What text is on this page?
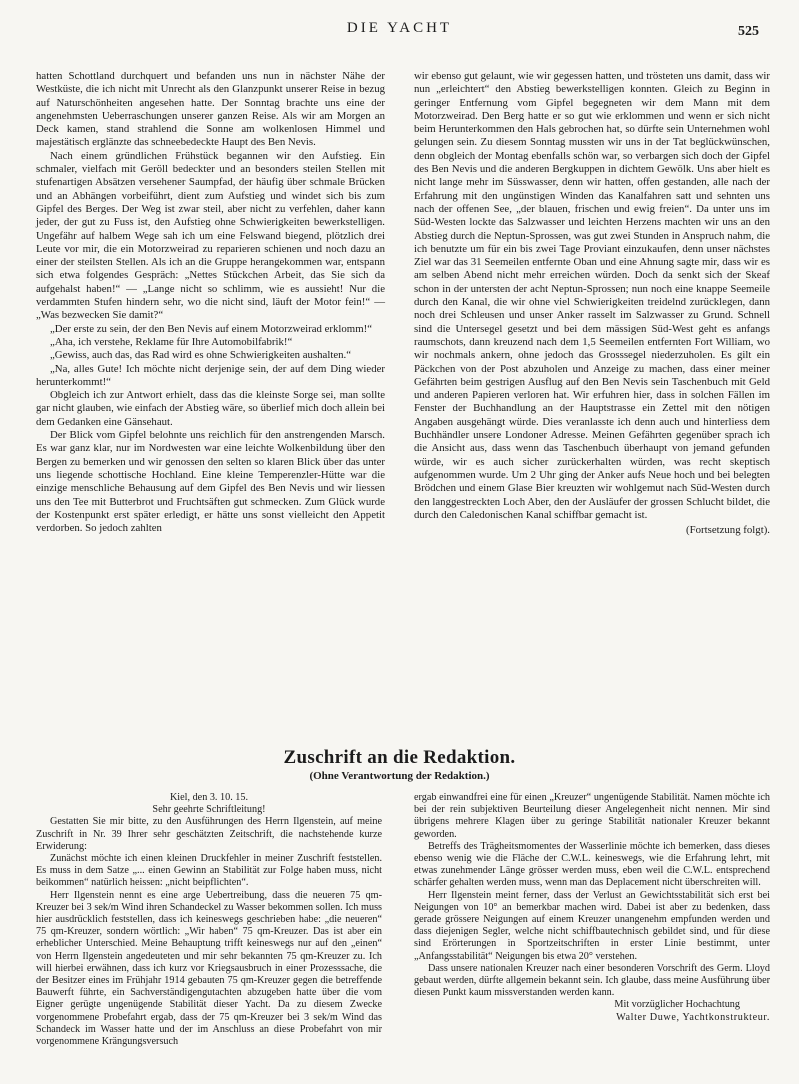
DIE YACHT	525

hatten Schottland durchquert und befanden uns nun in nächster Nähe der Westküste, die ich nicht mit Unrecht als den Glanzpunkt unserer Reise in bezug auf Naturschönheiten angesehen hatte. Der Sonntag brachte uns eine der angenehmsten Ueberraschungen unserer ganzen Reise. Als wir am Morgen an Deck kamen, stand strahlend die Sonne am wolkenlosen Himmel und majestätisch erglänzte das schneebedeckte Haupt des Ben Nevis.

Nach einem gründlichen Frühstück begannen wir den Aufstieg. Ein schmaler, vielfach mit Geröll bedeckter und an besonders steilen Stellen mit stufenartigen Absätzen versehener Saumpfad, der häufig über schmale Brücken und an Abhängen vorbeiführt, dient zum Aufstieg und windet sich bis zum Gipfel des Berges. Der Weg ist zwar steil, aber nicht zu verfehlen, daher kann jeder, der gut zu Fuss ist, den Aufstieg ohne Schwierigkeiten bewerkstelligen. Ungefähr auf halbem Wege sah ich um eine Felswand biegend, plötzlich drei Leute vor mir, die ein Motorzweirad zu reparieren schienen und noch dazu an einer der steilsten Stellen. Als ich an die Gruppe herangekommen war, entspann sich etwa folgendes Gespräch: „Nettes Stückchen Arbeit, das Sie sich da aufgehalst haben!“ — „Lange nicht so schlimm, wie es aussieht! Nur die verdammten Stufen hindern sehr, wo die nicht sind, läuft der Motor fein!“ — „Was bezwecken Sie damit?“

„Der erste zu sein, der den Ben Nevis auf einem Motorzweirad erklomm!“

„Aha, ich verstehe, Reklame für Ihre Automobilfabrik!“

„Gewiss, auch das, das Rad wird es ohne Schwierigkeiten aushalten.“

„Na, alles Gute! Ich möchte nicht derjenige sein, der auf dem Ding wieder herunterkommt!“

Obgleich ich zur Antwort erhielt, dass das die kleinste Sorge sei, man sollte gar nicht glauben, wie einfach der Abstieg wäre, so überlief mich doch allein bei dem Gedanken eine Gänsehaut.

Der Blick vom Gipfel belohnte uns reichlich für den anstrengenden Marsch. Es war ganz klar, nur im Nordwesten war eine leichte Wolkenbildung über den Bergen zu bemerken und wir genossen den selten so klaren Blick über das unter uns liegende schottische Hochland. Eine kleine Temperenzler-Hütte war die einzige menschliche Behausung auf dem Gipfel des Ben Nevis und wir liessen uns den Tee mit Butterbrot und Fruchtsäften gut schmecken. Zum Glück wurde der Kostenpunkt erst später erledigt, er hätte uns sonst vielleicht den Appetit verdorben. So jedoch zahlten

wir ebenso gut gelaunt, wie wir gegessen hatten, und trösteten uns damit, dass wir nun „erleichtert“ den Abstieg bewerkstelligen konnten. Gleich zu Beginn in geringer Entfernung vom Gipfel begegneten wir dem Mann mit dem Motorzweirad. Den Berg hatte er so gut wie erklommen und wenn er sich nicht beim Herunterkommen den Hals gebrochen hat, so dürfte sein Unternehmen wohl gelungen sein. Zu diesem Sonntag mussten wir uns in der Tat beglückwünschen, denn obgleich der Montag ebenfalls schön war, so verbargen sich doch der Gipfel des Ben Nevis und die anderen Bergkuppen in dichtem Gewölk. Uns aber hielt es nicht lange mehr im Süsswasser, denn wir hatten, offen gestanden, alle nach der Erfahrung mit den ungünstigen Winden das Kanalfahren satt und sehnten uns nach der offenen See, „der blauen, frischen und ewig freien“. Da unter uns im Süd-Westen lockte das Salzwasser und leichten Herzens machten wir uns an den Abstieg durch die Neptun-Sprossen, was gut zwei Stunden in Anspruch nahm, die ich benutzte um für ein bis zwei Tage Proviant einzukaufen, denn unser nächstes Ziel war das 31 Seemeilen entfernte Oban und eine Ahnung sagte mir, dass wir es am selben Abend nicht mehr erreichen würden. Doch da senkt sich der Skeaf schon in der untersten der acht Neptun-Sprossen; nun noch eine knappe Seemeile durch den Kanal, die wir ohne viel Schwierigkeiten treidelnd zurücklegen, dann noch drei Schleusen und unser Anker rasselt im Salzwasser zu Grund. Schnell sind die Untersegel gesetzt und bei dem mässigen Süd-West geht es anfangs raumschots, dann kreuzend nach dem 1,5 Seemeilen entfernten Fort William, wo wir nochmals ankern, ohne jedoch das Grosssegel niederzuholen. Es gilt ein Päckchen von der Post abzuholen und Anzeige zu machen, dass einer meiner Gefährten beim gestrigen Ausflug auf den Ben Nevis sein Taschenbuch mit Geld und anderen Papieren verloren hat. Wir erfuhren hier, dass in solchen Fällen im Fenster der Buchhandlung an der Hauptstrasse ein Zettel mit den nötigen Angaben ausgehängt würde. Dies veranlasste ich denn auch und hinterliess dem Buchhändler unsere Londoner Adresse. Meinen Gefährten gegenüber sprach ich die Ansicht aus, dass wenn das Taschenbuch überhaupt von jemand gefunden würde, wir es auch sicher zurückerhalten würden, was recht skeptisch aufgenommen wurde. Um 2 Uhr ging der Anker aufs Neue hoch und bei belegten Brödchen und einem Glase Bier kreuzten wir wohlgemut nach Süd-Westen durch den langgestreckten Loch Aber, den der Ausläufer der grossen Schlucht bildet, die durch den Caledonischen Kanal schiffbar gemacht ist.

(Fortsetzung folgt).
Zuschrift an die Redaktion.
(Ohne Verantwortung der Redaktion.)
Kiel, den 3. 10. 15.
Sehr geehrte Schriftleitung!

Gestatten Sie mir bitte, zu den Ausführungen des Herrn Ilgenstein, auf meine Zuschrift in Nr. 39 Ihrer sehr geschätzten Zeitschrift, die nachstehende kurze Erwiderung:

Zunächst möchte ich einen kleinen Druckfehler in meiner Zuschrift feststellen. Es muss in dem Satze „... einen Gewinn an Stabilität zur Folge haben muss, nicht beikommen“ natürlich heissen: „nicht beipflichten“.

Herr Ilgenstein nennt es eine arge Uebertreibung, dass die neueren 75 qm-Kreuzer bei 3 sek/m Wind ihren Schandeckel zu Wasser bekommen sollen. Ich muss hier ausdrücklich feststellen, dass ich keineswegs geschrieben habe: „die neueren“ 75 qm-Kreuzer, sondern wörtlich: „Wir haben“ 75 qm-Kreuzer. Das ist aber ein erheblicher Unterschied. Meine Behauptung trifft keineswegs nur auf den „einen“ von Herrn Ilgenstein angedeuteten und mir sehr bekannten 75 qm-Kreuzer zu. Ich will hierbei erwähnen, dass ich kurz vor Kriegsausbruch in einer Prozesssache, die der Besitzer eines im Frühjahr 1914 gebauten 75 qm-Kreuzer gegen die betreffende Bauwerft führte, ein Sachverständigengutachten abzugeben hatte über die vom Eigner gerügte ungenügende Stabilität dieser Yacht. Da zu diesem Zwecke vorgenommene Probefahrt ergab, dass der 75 qm-Kreuzer bei 3 sek/m Wind das Schandeck im Wasser hatte und der im Anschluss an diese Probefahrt von mir vorgenommene Krängungsversuch

ergab einwandfrei eine für einen „Kreuzer“ ungenügende Stabilität. Namen möchte ich bei der rein subjektiven Beurteilung dieser Angelegenheit nicht nennen. Mir sind übrigens mehrere Klagen über zu geringe Stabilität nationaler Kreuzer bekannt geworden.

Betreffs des Trägheitsmomentes der Wasserlinie möchte ich bemerken, dass dieses ebenso wenig wie die Fläche der C.W.L. keineswegs, wie die Erfahrung lehrt, mit etwas zunehmender Länge grösser werden muss, eben weil die C.W.L. entsprechend schärfer gehalten werden muss, wenn man das Deplacement nicht überschreiten will.

Herr Ilgenstein meint ferner, dass der Verlust an Gewichtsstabilität sich erst bei Neigungen von 10° an bemerkbar machen wird. Dabei ist aber zu bedenken, dass gerade grössere Neigungen auf einem Kreuzer unangenehm empfunden werden und dass diejenigen Segler, welche nicht schiffbautechnisch gebildet sind, und für diese sind Erörterungen in Sportzeitschriften in erster Linie bestimmt, unter „Anfangsstabilität“ Neigungen bis etwa 20° verstehen.

Dass unsere nationalen Kreuzer nach einer besonderen Vorschrift des Germ. Lloyd gebaut werden, dürfte allgemein bekannt sein. Ich glaube, dass meine Ausführung über diesen Punkt kaum missverstanden werden kann.

Mit vorzüglicher Hochachtung
Walter Duwe, Yachtkonstrukteur.
